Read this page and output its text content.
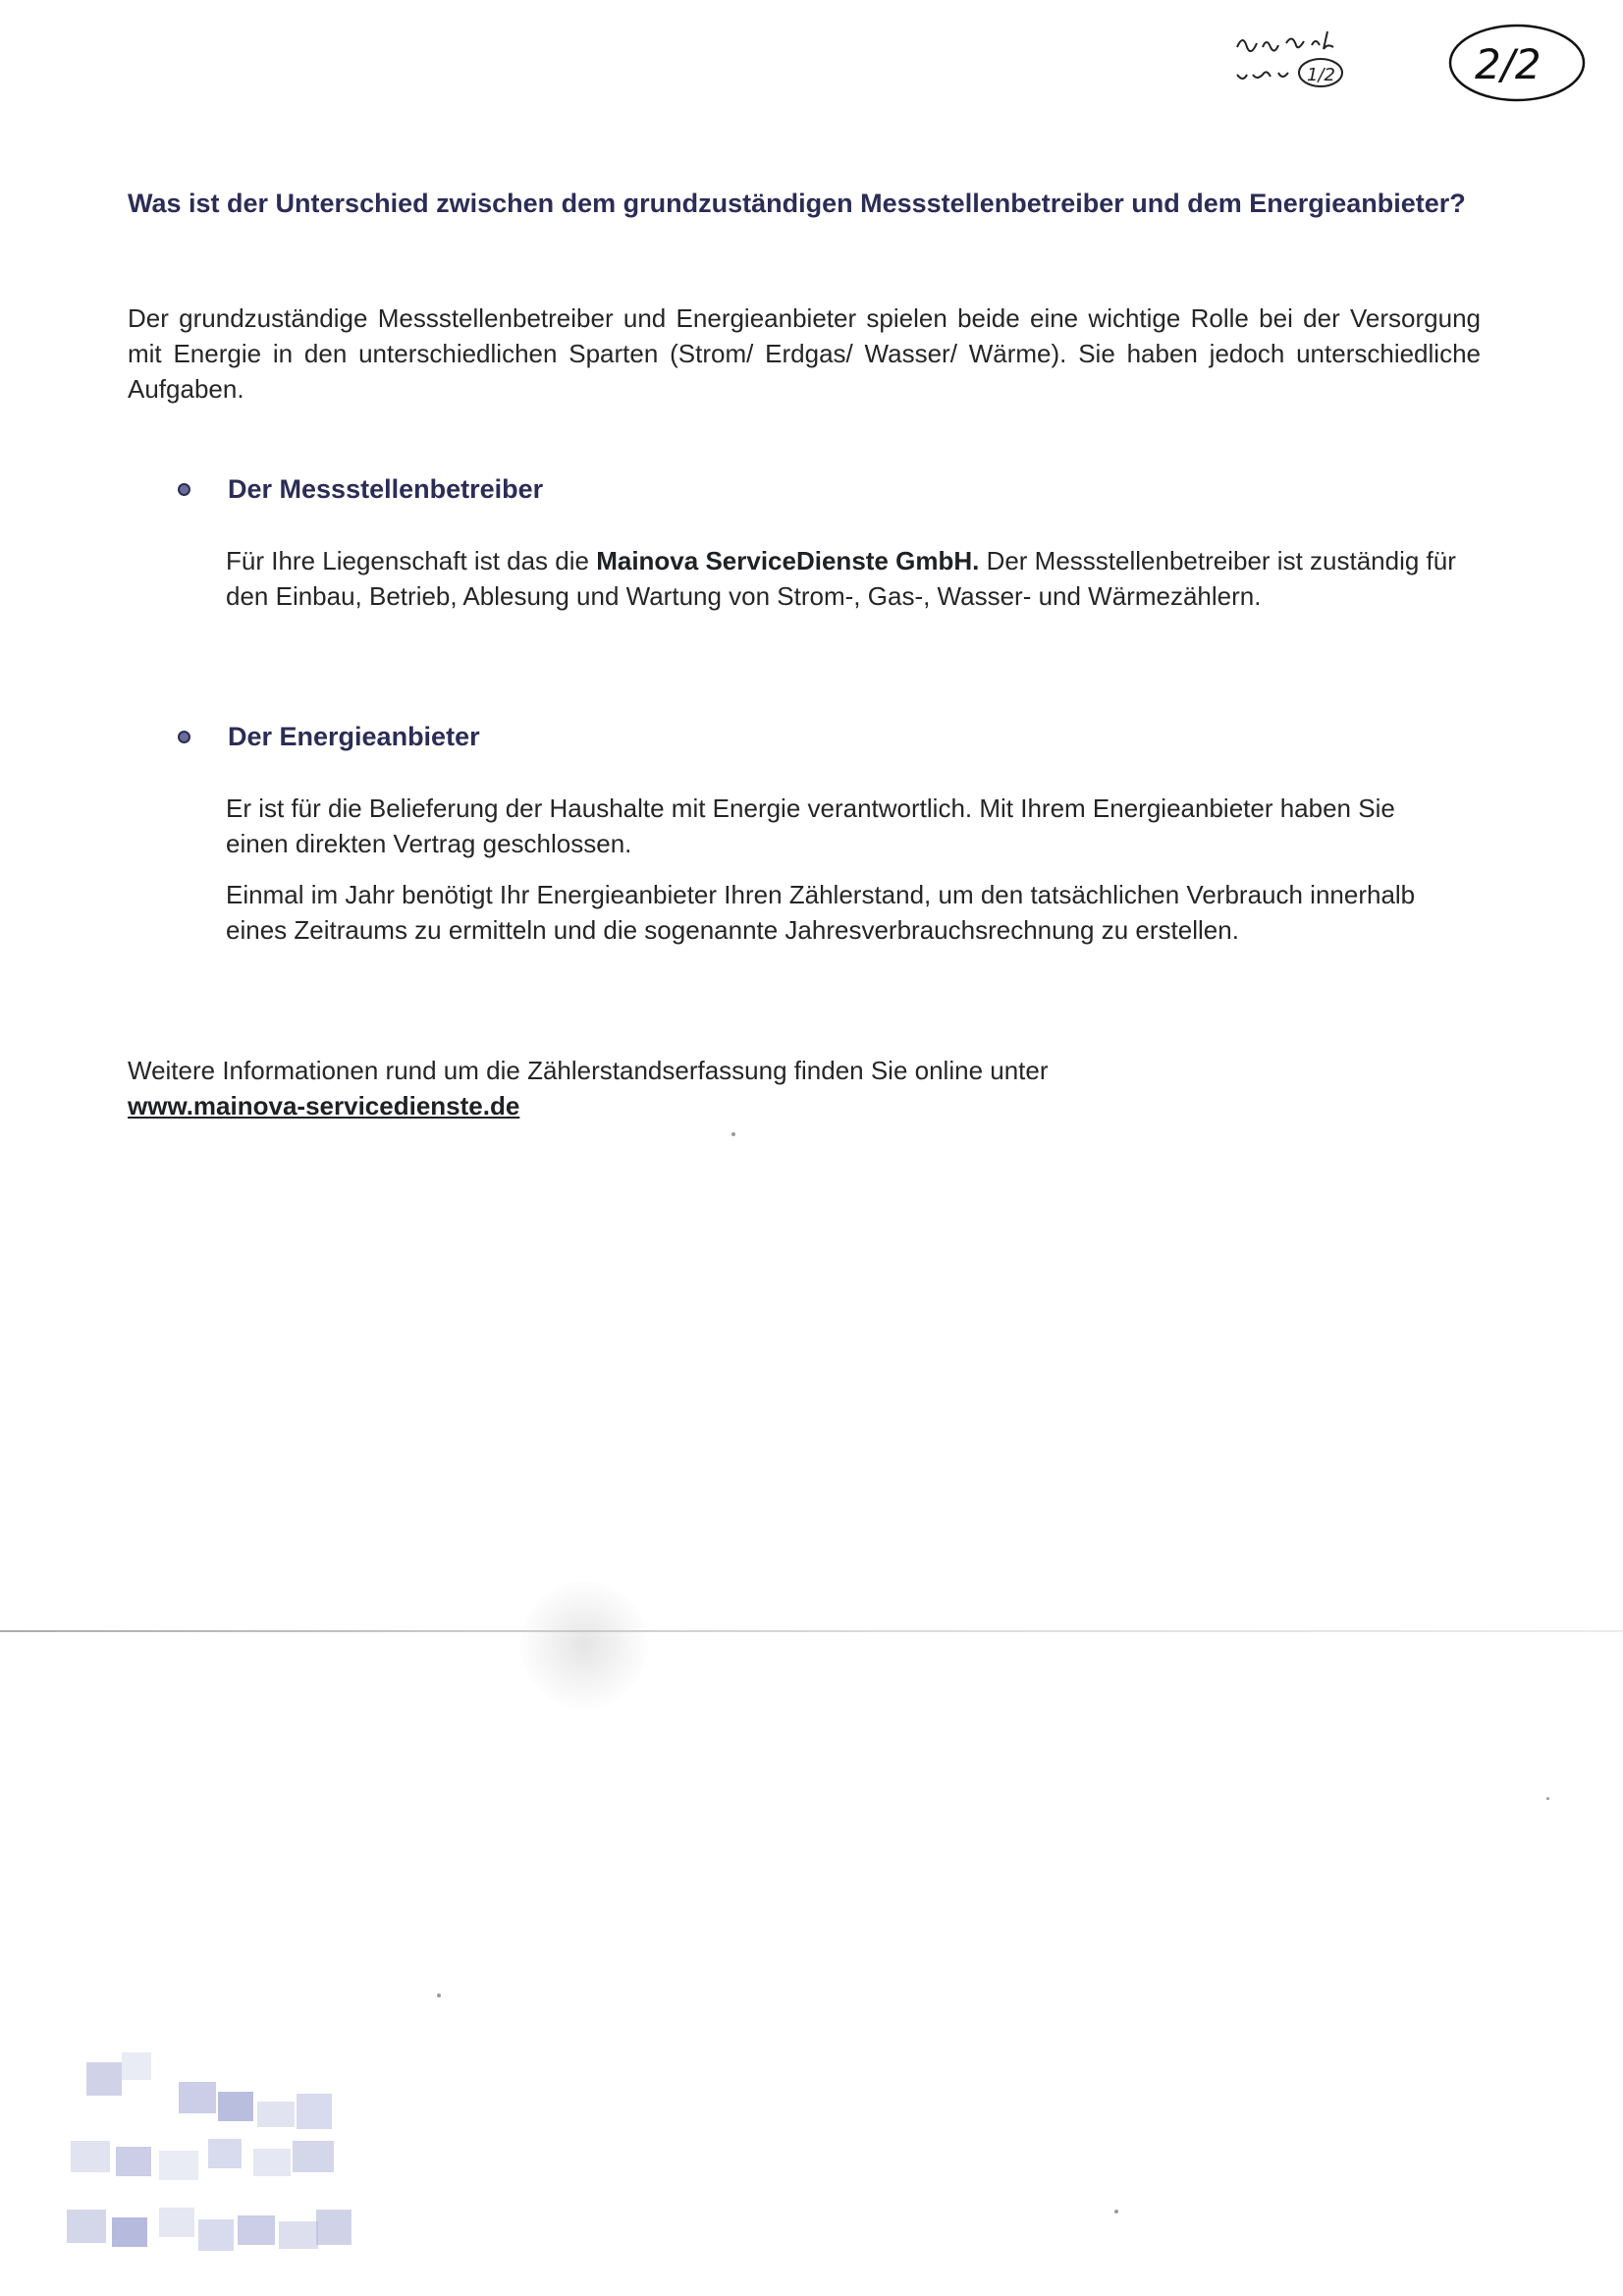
1/2	2/2
Was ist der Unterschied zwischen dem grundzuständigen Messstellenbetreiber und dem Energieanbieter?
Der grundzuständige Messstellenbetreiber und Energieanbieter spielen beide eine wichtige Rolle bei der Versorgung mit Energie in den unterschiedlichen Sparten (Strom/ Erdgas/ Wasser/ Wärme). Sie haben jedoch unterschiedliche Aufgaben.
Der Messstellenbetreiber

Für Ihre Liegenschaft ist das die Mainova ServiceDienste GmbH. Der Messstellenbetreiber ist zuständig für den Einbau, Betrieb, Ablesung und Wartung von Strom-, Gas-, Wasser- und Wärmezählern.

Der Energieanbieter

Er ist für die Belieferung der Haushalte mit Energie verantwortlich. Mit Ihrem Energieanbieter haben Sie einen direkten Vertrag geschlossen.

Einmal im Jahr benötigt Ihr Energieanbieter Ihren Zählerstand, um den tatsächlichen Verbrauch innerhalb eines Zeitraums zu ermitteln und die sogenannte Jahresverbrauchsrechnung zu erstellen.

Weitere Informationen rund um die Zählerstandserfassung finden Sie online unter
www.mainova-servicedienste.de
